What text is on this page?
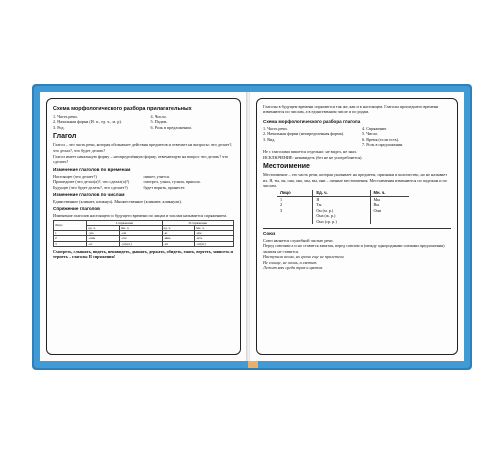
Схема морфологического разбора прилагательных

1. Часть речи.

2. Начальная форма (И. п., ед. ч., м. р).

3. Род.

4. Число.

5. Падеж.

6. Роль в предложении.

Глагол

Глагол – это часть речи, которая обозначает действия предметов и отвечает на вопросы: что делает?, что делал?, что будет делать?

Глагол имеет начальную форму – неопределённую форму, отвечающую на вопрос что делать? что сделать?

Изменение глаголов по временам

Настоящее (что делает?)	пишет, учится.

Прошедшее (что делал(а)?, что сделал(а)?)	смотрел, узнал, гуляла, пришла.

Будущее (что будет делать?, что сделает?)	будет верить, принесет.

Изменение глаголов по числам

Единственное (кликает, кликнул). Множественное (кликают, кликнули).

Спряжение глаголов

Изменение глаголов настоящего и будущего времени по лицам и числам называется спряжением.

Лицо	I спряжение		II спряжение	
	ед. ч.	мн. ч.	ед. ч.	мн. ч.
1	-ую	-ем	-ю	-им
2	-ешь	-ете	-ишь	-ите
3	-ет	-ут(ют)	-ит	-ат(ят)

Смотреть, слышать, видеть, ненавидеть, дышать, держать, обидеть, гнать, вертеть, зависеть и терпеть – глаголы II спряжения!

Глаголы в будущем времени спрягаются так же, как и в настоящем. Глаголы прошедшего времени изменяются по числам, а в единственном числе и по родам.

Схема морфологического разбора глагола

1. Часть речи.

2. Начальная форма (неопределенная форма).

3. Вид.

4. Спряжение.

5. Число.

6. Время (если есть).

7. Роль в предложении.

Не с глаголами пишется отдельно: не видел, не знал.

ИСКЛЮЧЕНИЕ: ненавидеть (без не не употребляется).

Местоимение

Местоимение – это часть речи, которая указывает на предметы, признаки и количество, но не называет их. Я, ты, он, она, оно, мы, вы, они – личные местоимения. Местоимения изменяются по падежам и по числам.

Лицо	Ед. ч.	Мн. ч.
1	Я	Мы
2	Ты	Вы
3	Он (м. р.)
Она (ж. р.)
Оно (ср. р.)	Они
Союз

Союз является служебной частью речи.

Перед союзами а и но ставится запятая, перед союзом и (между однородными членами предложения) запятая не ставится.

Наступила весна, но грачи еще не прилетели.

Не солнце, не огонь, а светит.

Лежит мяч среди трав и цветов.
